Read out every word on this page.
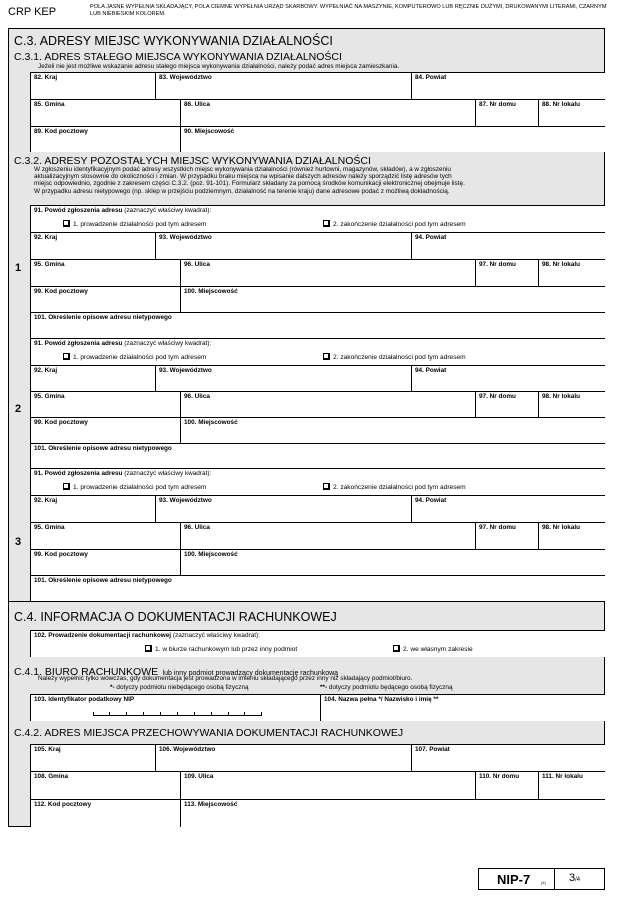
CRP KEP	POLA JASNE WYPEŁNIA SKŁADAJĄCY, POLA CIEMNE WYPEŁNIA URZĄD SKARBOWY. WYPEŁNIAĆ NA MASZYNIE, KOMPUTEROWO LUB RĘCZNIE DUŻYMI, DRUKOWANYMI LITERAMI, CZARNYM LUB NIEBIESKIM KOLOREM.
C.3. ADRESY MIEJSC WYKONYWANIA DZIAŁALNOŚCI
C.3.1. ADRES STAŁEGO MIEJSCA WYKONYWANIA DZIAŁALNOŚCI
Jeżeli nie jest możliwe wskazanie adresu stałego miejsca wykonywania działalności, należy podać adres miejsca zamieszkania.
82. Kraj	83. Województwo	84. Powiat
85. Gmina	86. Ulica	87. Nr domu	88. Nr lokalu
89. Kod pocztowy	90. Miejscowość
C.3.2. ADRESY POZOSTAŁYCH MIEJSC WYKONYWANIA DZIAŁALNOŚCI
W zgłoszeniu identyfikacyjnym podać adresy wszystkich miejsc wykonywania działalności (również hurtowni, magazynów, składów), a w zgłoszeniu
aktualizacyjnym stosownie do okoliczności i zmian. W przypadku braku miejsca na wpisanie dalszych adresów należy sporządzić listę adresów tych
miejsc odpowiednio, zgodnie z zakresem części C.3.2. (poz. 91-101). Formularz składany za pomocą środków komunikacji elektronicznej obejmuje listę.
W przypadku adresu nietypowego (np. sklep w przejściu podziemnym, działalność na terenie kraju) dane adresowe podać z możliwą dokładnością.
91. Powód zgłoszenia adresu (zaznaczyć właściwy kwadrat):
1. prowadzenie działalności pod tym adresem	2. zakończenie działalności pod tym adresem
92. Kraj	93. Województwo	94. Powiat
95. Gmina	96. Ulica	97. Nr domu	98. Nr lokalu
99. Kod pocztowy	100. Miejscowość
101. Określenie opisowe adresu nietypowego
1
91. Powód zgłoszenia adresu (zaznaczyć właściwy kwadrat):
1. prowadzenie działalności pod tym adresem	2. zakończenie działalności pod tym adresem
92. Kraj	93. Województwo	94. Powiat
95. Gmina	96. Ulica	97. Nr domu	98. Nr lokalu
99. Kod pocztowy	100. Miejscowość
101. Określenie opisowe adresu nietypowego
2
91. Powód zgłoszenia adresu (zaznaczyć właściwy kwadrat):
1. prowadzenie działalności pod tym adresem	2. zakończenie działalności pod tym adresem
92. Kraj	93. Województwo	94. Powiat
95. Gmina	96. Ulica	97. Nr domu	98. Nr lokalu
99. Kod pocztowy	100. Miejscowość
101. Określenie opisowe adresu nietypowego
3
C.4. INFORMACJA O DOKUMENTACJI RACHUNKOWEJ
102. Prowadzenie dokumentacji rachunkowej (zaznaczyć właściwy kwadrat):
1. w biurze rachunkowym lub przez inny podmiot	2. we własnym zakresie
C.4.1. BIURO RACHUNKOWE lub inny podmiot prowadzący dokumentację rachunkową
Należy wypełnić tylko wówczas, gdy dokumentacja jest prowadzona w imieniu składającego przez inny niż składający podmiot/biuro.
*- dotyczy podmiotu niebędącego osobą fizyczną	**- dotyczy podmiotu będącego osobą fizyczną
103. Identyfikator podatkowy NIP	104. Nazwa pełna */ Nazwisko i imię **
C.4.2. ADRES MIEJSCA PRZECHOWYWANIA DOKUMENTACJI RACHUNKOWEJ
105. Kraj	106. Województwo	107. Powiat
108. Gmina	109. Ulica	110. Nr domu	111. Nr lokalu
112. Kod pocztowy	113. Miejscowość
NIP-7	(4) 3/4
